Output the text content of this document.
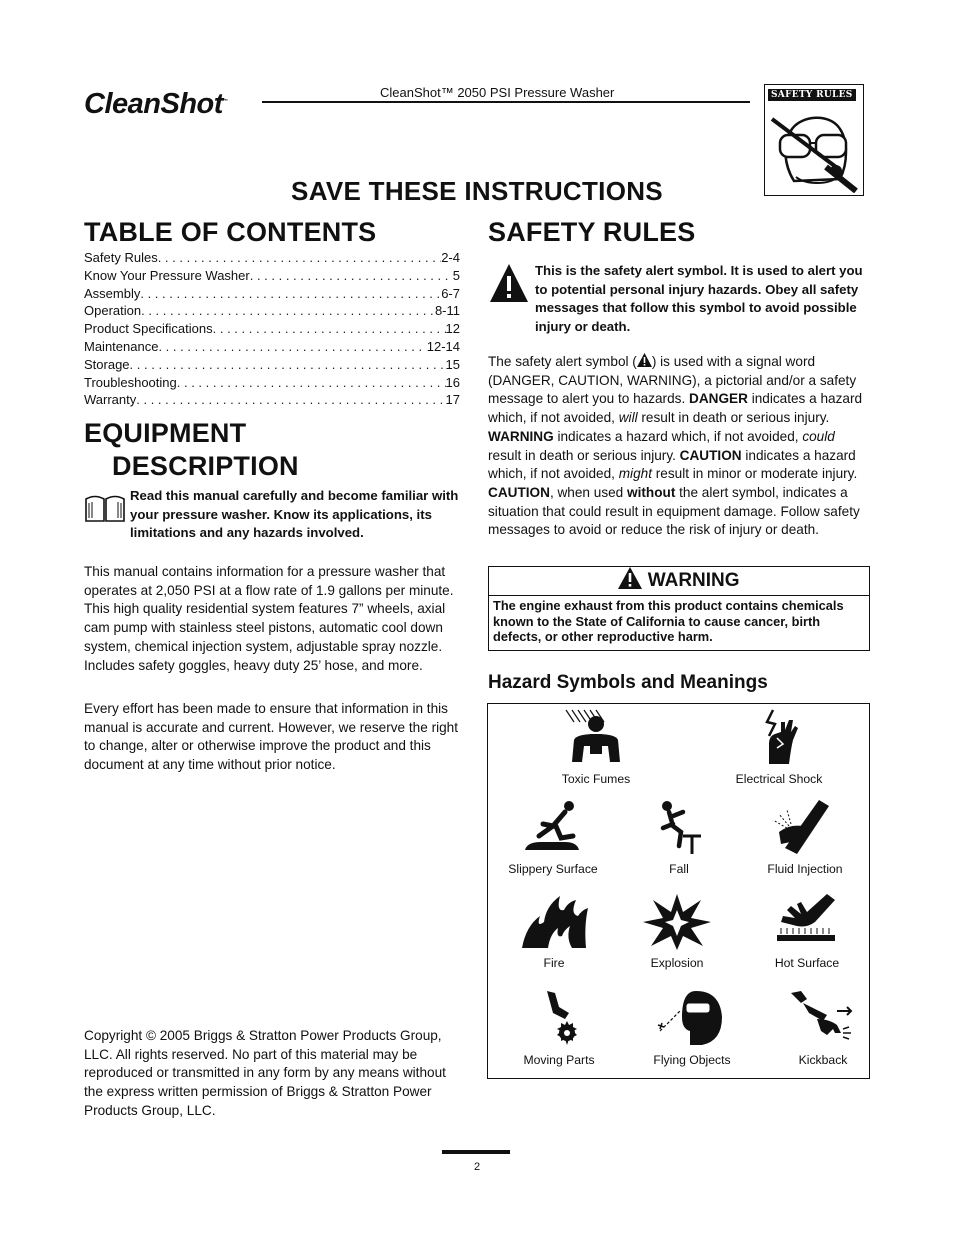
CleanShot™
CleanShot™ 2050 PSI Pressure Washer	SAFETY RULES
SAVE THESE INSTRUCTIONS
TABLE OF CONTENTS
Safety Rules . . .	2-4
Know Your Pressure Washer . . .	5
Assembly . . .	6-7
Operation . . .	8-11
Product Specifications . . .	12
Maintenance . . .	12-14
Storage . . .	15
Troubleshooting . . .	16
Warranty . . .	17
EQUIPMENT
DESCRIPTION
Read this manual carefully and become familiar with your pressure washer. Know its applications, its limitations and any hazards involved.
This manual contains information for a pressure washer that operates at 2,050 PSI at a flow rate of 1.9 gallons per minute. This high quality residential system features 7” wheels, axial cam pump with stainless steel pistons, automatic cool down system, chemical injection system, adjustable spray nozzle. Includes safety goggles, heavy duty 25’ hose, and more.
Every effort has been made to ensure that information in this manual is accurate and current. However, we reserve the right to change, alter or otherwise improve the product and this document at any time without prior notice.
Copyright © 2005 Briggs & Stratton Power Products Group, LLC. All rights reserved. No part of this material may be reproduced or transmitted in any form by any means without the express written permission of Briggs & Stratton Power Products Group, LLC.
SAFETY RULES
This is the safety alert symbol. It is used to alert you to potential personal injury hazards. Obey all safety messages that follow this symbol to avoid possible injury or death.
The safety alert symbol ( ) is used with a signal word (DANGER, CAUTION, WARNING), a pictorial and/or a safety message to alert you to hazards. DANGER indicates a hazard which, if not avoided, will result in death or serious injury. WARNING indicates a hazard which, if not avoided, could result in death or serious injury. CAUTION indicates a hazard which, if not avoided, might result in minor or moderate injury. CAUTION, when used without the alert symbol, indicates a situation that could result in equipment damage. Follow safety messages to avoid or reduce the risk of injury or death.
WARNING
The engine exhaust from this product contains chemicals known to the State of California to cause cancer, birth defects, or other reproductive harm.
Hazard Symbols and Meanings
Toxic Fumes	Electrical Shock
Slippery Surface	Fall	Fluid Injection
Fire	Explosion	Hot Surface
Moving Parts	Flying Objects	Kickback
2
